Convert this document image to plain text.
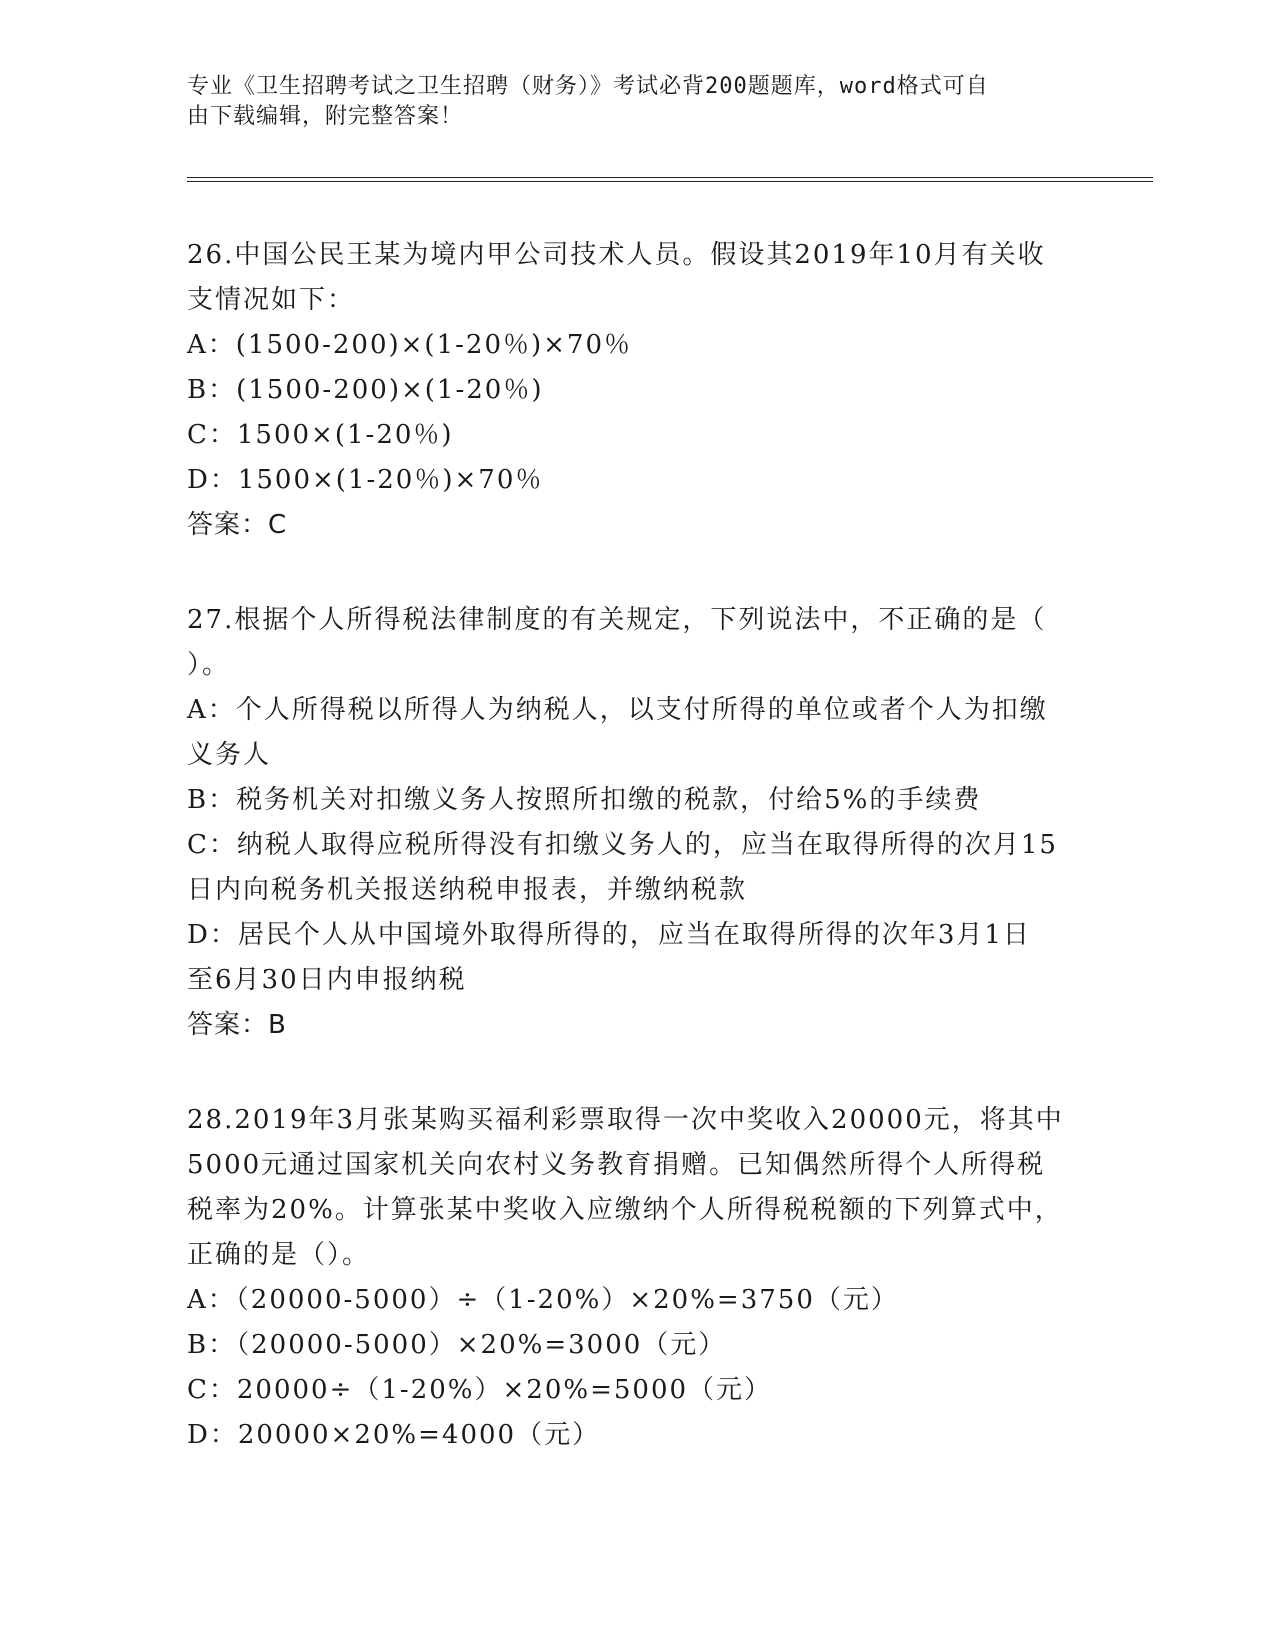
专业《卫生招聘考试之卫生招聘（财务）》考试必背200题题库，word格式可自
由下载编辑，附完整答案！

26.中国公民王某为境内甲公司技术人员。假设其2019年10月有关收

支情况如下：

A：(1500-200)×(1-20％)×70％

B：(1500-200)×(1-20％)

C：1500×(1-20％)

D：1500×(1-20％)×70％

答案：C

27.根据个人所得税法律制度的有关规定，下列说法中，不正确的是（

）。

A：个人所得税以所得人为纳税人，以支付所得的单位或者个人为扣缴

义务人

B：税务机关对扣缴义务人按照所扣缴的税款，付给5%的手续费

C：纳税人取得应税所得没有扣缴义务人的，应当在取得所得的次月15

日内向税务机关报送纳税申报表，并缴纳税款

D：居民个人从中国境外取得所得的，应当在取得所得的次年3月1日

至6月30日内申报纳税

答案：B

28.2019年3月张某购买福利彩票取得一次中奖收入20000元，将其中

5000元通过国家机关向农村义务教育捐赠。已知偶然所得个人所得税

税率为20%。计算张某中奖收入应缴纳个人所得税税额的下列算式中，

正确的是（）。

A：（20000-5000）÷（1-20%）×20%=3750（元）

B：（20000-5000）×20%=3000（元）

C：20000÷（1-20%）×20%=5000（元）

D：20000×20%=4000（元）
